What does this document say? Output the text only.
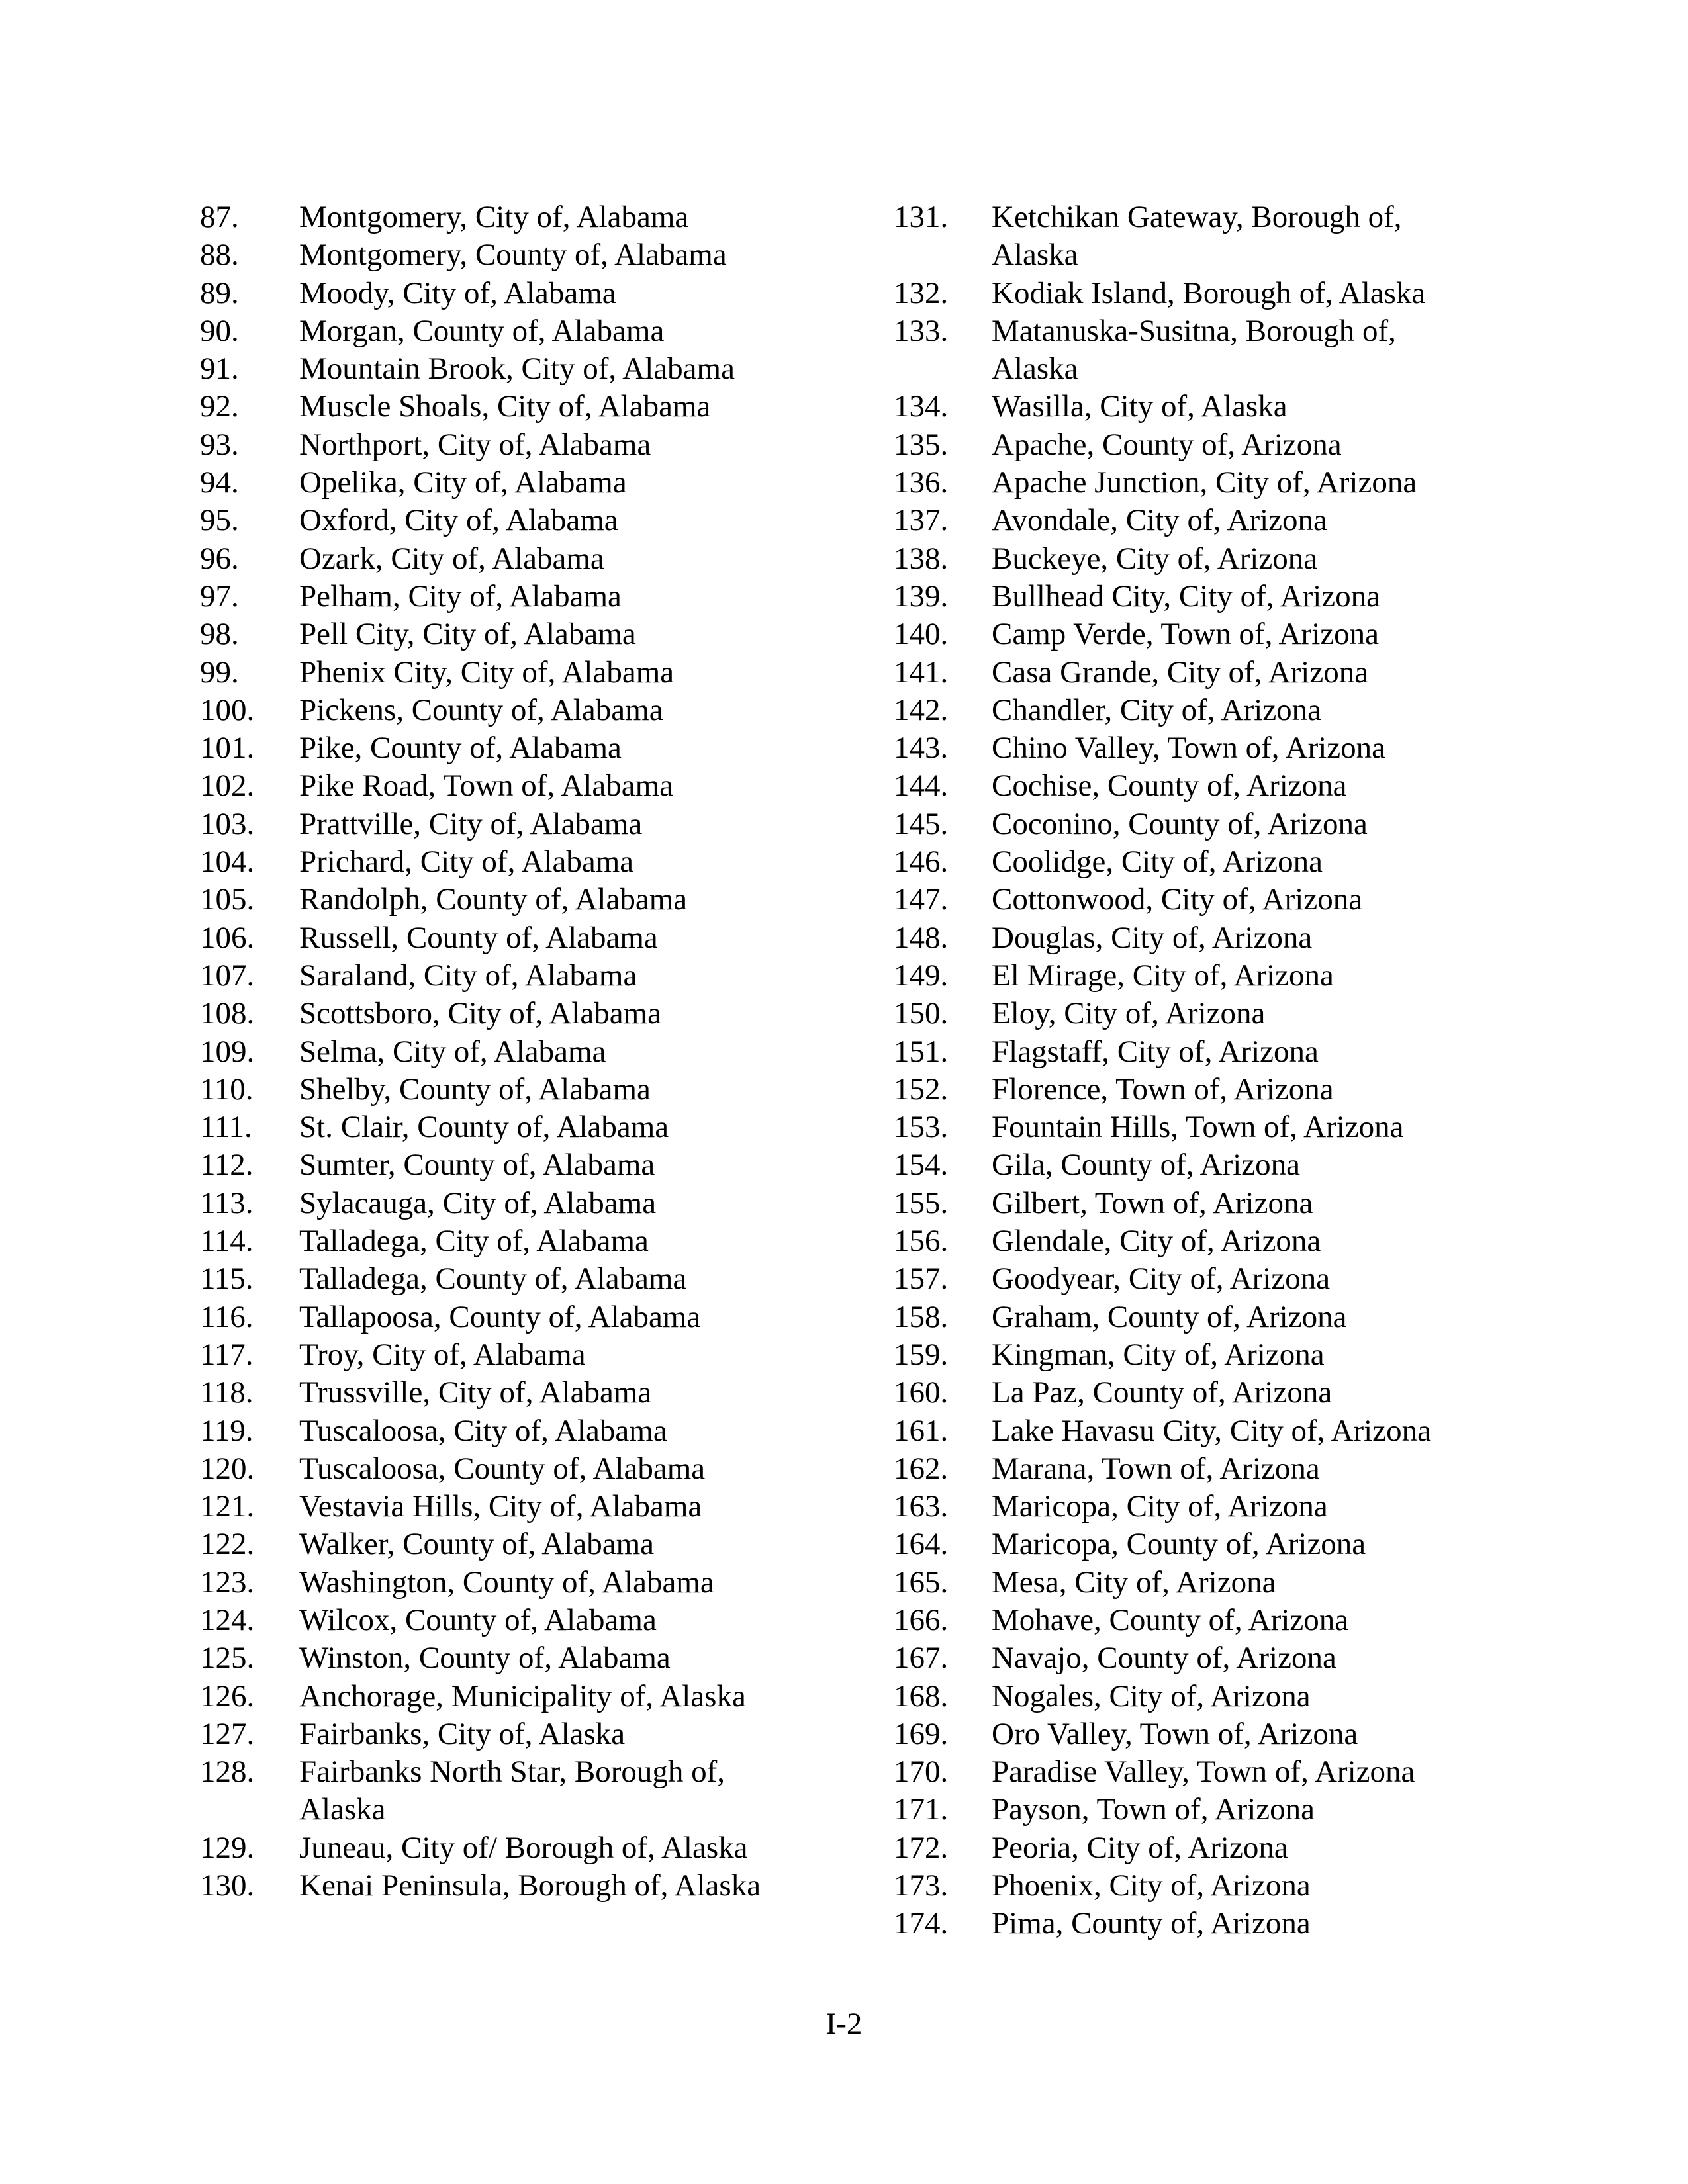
87.	Montgomery, City of, Alabama
88.	Montgomery, County of, Alabama
89.	Moody, City of, Alabama
90.	Morgan, County of, Alabama
91.	Mountain Brook, City of, Alabama
92.	Muscle Shoals, City of, Alabama
93.	Northport, City of, Alabama
94.	Opelika, City of, Alabama
95.	Oxford, City of, Alabama
96.	Ozark, City of, Alabama
97.	Pelham, City of, Alabama
98.	Pell City, City of, Alabama
99.	Phenix City, City of, Alabama
100.	Pickens, County of, Alabama
101.	Pike, County of, Alabama
102.	Pike Road, Town of, Alabama
103.	Prattville, City of, Alabama
104.	Prichard, City of, Alabama
105.	Randolph, County of, Alabama
106.	Russell, County of, Alabama
107.	Saraland, City of, Alabama
108.	Scottsboro, City of, Alabama
109.	Selma, City of, Alabama
110.	Shelby, County of, Alabama
111.	St. Clair, County of, Alabama
112.	Sumter, County of, Alabama
113.	Sylacauga, City of, Alabama
114.	Talladega, City of, Alabama
115.	Talladega, County of, Alabama
116.	Tallapoosa, County of, Alabama
117.	Troy, City of, Alabama
118.	Trussville, City of, Alabama
119.	Tuscaloosa, City of, Alabama
120.	Tuscaloosa, County of, Alabama
121.	Vestavia Hills, City of, Alabama
122.	Walker, County of, Alabama
123.	Washington, County of, Alabama
124.	Wilcox, County of, Alabama
125.	Winston, County of, Alabama
126.	Anchorage, Municipality of, Alaska
127.	Fairbanks, City of, Alaska
128.	Fairbanks North Star, Borough of,
Alaska
129.	Juneau, City of/ Borough of, Alaska
130.	Kenai Peninsula, Borough of, Alaska
131.	Ketchikan Gateway, Borough of,
Alaska
132.	Kodiak Island, Borough of, Alaska
133.	Matanuska-Susitna, Borough of,
Alaska
134.	Wasilla, City of, Alaska
135.	Apache, County of, Arizona
136.	Apache Junction, City of, Arizona
137.	Avondale, City of, Arizona
138.	Buckeye, City of, Arizona
139.	Bullhead City, City of, Arizona
140.	Camp Verde, Town of, Arizona
141.	Casa Grande, City of, Arizona
142.	Chandler, City of, Arizona
143.	Chino Valley, Town of, Arizona
144.	Cochise, County of, Arizona
145.	Coconino, County of, Arizona
146.	Coolidge, City of, Arizona
147.	Cottonwood, City of, Arizona
148.	Douglas, City of, Arizona
149.	El Mirage, City of, Arizona
150.	Eloy, City of, Arizona
151.	Flagstaff, City of, Arizona
152.	Florence, Town of, Arizona
153.	Fountain Hills, Town of, Arizona
154.	Gila, County of, Arizona
155.	Gilbert, Town of, Arizona
156.	Glendale, City of, Arizona
157.	Goodyear, City of, Arizona
158.	Graham, County of, Arizona
159.	Kingman, City of, Arizona
160.	La Paz, County of, Arizona
161.	Lake Havasu City, City of, Arizona
162.	Marana, Town of, Arizona
163.	Maricopa, City of, Arizona
164.	Maricopa, County of, Arizona
165.	Mesa, City of, Arizona
166.	Mohave, County of, Arizona
167.	Navajo, County of, Arizona
168.	Nogales, City of, Arizona
169.	Oro Valley, Town of, Arizona
170.	Paradise Valley, Town of, Arizona
171.	Payson, Town of, Arizona
172.	Peoria, City of, Arizona
173.	Phoenix, City of, Arizona
174.	Pima, County of, Arizona
I-2
